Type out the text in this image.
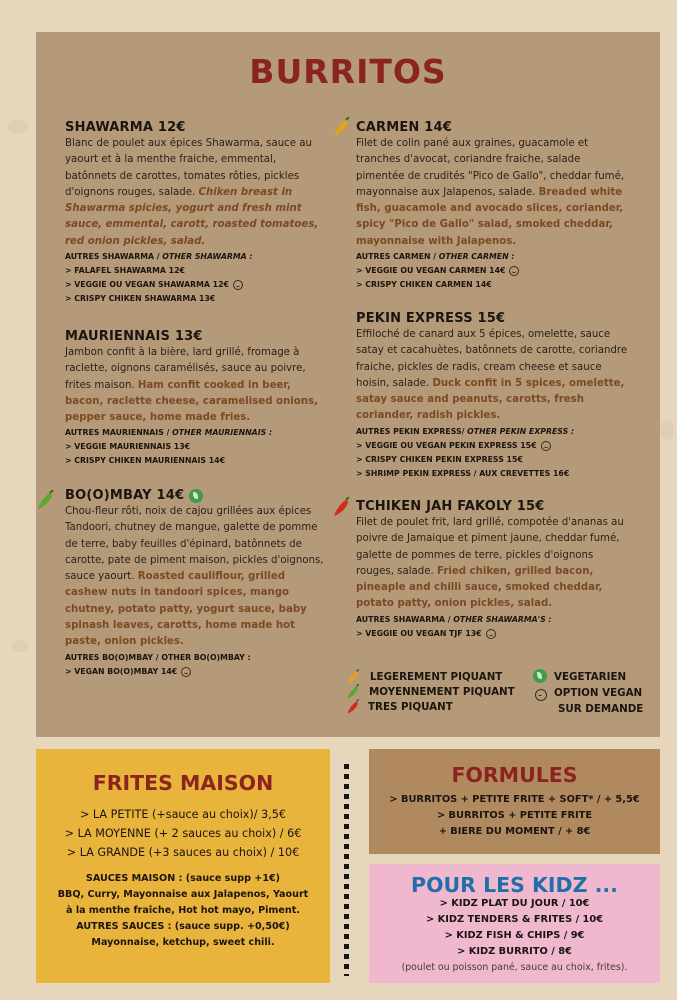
BURRITOS
SHAWARMA 12€
Blanc de poulet aux épices Shawarma, sauce au yaourt et à la menthe fraiche, emmental, batônnets de carottes, tomates rôties, pickles d'oignons rouges, salade. Chiken breast in Shawarma spicies, yogurt and fresh mint sauce, emmental, carott, roasted tomatoes, red onion pickles, salad.
AUTRES SHAWARMA / OTHER SHAWARMA :
> FALAFEL SHAWARMA 12€
> VEGGIE OU VEGAN SHAWARMA 12€
> CRISPY CHIKEN SHAWARMA 13€
MAURIENNAIS 13€
Jambon confit à la bière, lard grillé, fromage à raclette, oignons caramélisés, sauce au poivre, frites maison. Ham confit cooked in beer, bacon, raclette cheese, caramelised onions, pepper sauce, home made fries.
AUTRES MAURIENNAIS / OTHER MAURIENNAIS :
> VEGGIE MAURIENNAIS 13€
> CRISPY CHIKEN MAURIENNAIS 14€
BO(O)MBAY 14€
Chou-fleur rôti, noix de cajou grillées aux épices Tandoori, chutney de mangue, galette de pomme de terre, baby feuilles d'épinard, batônnets de carotte, pate de piment maison, pickles d'oignons, sauce yaourt. Roasted cauliflour, grilled cashew nuts in tandoori spices, mango chutney, potato patty, yogurt sauce, baby spinash leaves, carotts, home made hot paste, onion pickles.
AUTRES BO(O)MBAY / OTHER BO(O)MBAY :
> VEGAN BO(O)MBAY 14€
CARMEN 14€
Filet de colin pané aux graines, guacamole et tranches d'avocat, coriandre fraiche, salade pimentée de crudités "Pico de Gallo", cheddar fumé, mayonnaise aux Jalapenos, salade. Breaded white fish, guacamole and avocado slices, coriander, spicy "Pico de Gallo" salad, smoked cheddar, mayonnaise with Jalapenos.
AUTRES CARMEN / OTHER CARMEN :
> VEGGIE OU VEGAN CARMEN 14€
> CRISPY CHIKEN CARMEN 14€
PEKIN EXPRESS 15€
Effiloché de canard aux 5 épices, omelette, sauce satay et cacahuètes, batônnets de carotte, coriandre fraiche, pickles de radis, cream cheese et sauce hoisin, salade. Duck confit in 5 spices, omelette, satay sauce and peanuts, carotts, fresh coriander, radish pickles.
AUTRES PEKIN EXPRESS/ OTHER PEKIN EXPRESS :
> VEGGIE OU VEGAN PEKIN EXPRESS 15€
> CRISPY CHIKEN PEKIN EXPRESS 15€
> SHRIMP PEKIN EXPRESS / AUX CREVETTES 16€
TCHIKEN JAH FAKOLY 15€
Filet de poulet frit, lard grillé, compotée d'ananas au poivre de Jamaique et piment jaune, cheddar fumé, galette de pommes de terre, pickles d'oignons rouges, salade. Fried chiken, grilled bacon, pineaple and chilli sauce, smoked cheddar, potato patty, onion pickles, salad.
AUTRES SHAWARMA / OTHER SHAWARMA'S :
> VEGGIE OU VEGAN TJF 13€
LEGEREMENT PIQUANT
MOYENNEMENT PIQUANT
TRES PIQUANT
VEGETARIEN
OPTION VEGAN
SUR DEMANDE
FRITES MAISON
> LA PETITE (+sauce au choix)/ 3,5€
> LA MOYENNE (+ 2 sauces au choix) / 6€
> LA GRANDE (+3 sauces au choix) / 10€
SAUCES MAISON : (sauce supp +1€)
BBQ, Curry, Mayonnaise aux Jalapenos, Yaourt
à la menthe fraîche, Hot hot mayo, Piment.
AUTRES SAUCES : (sauce supp. +0,50€)
Mayonnaise, ketchup, sweet chili.
FORMULES
> BURRITOS + PETITE FRITE + SOFT* / + 5,5€
> BURRITOS + PETITE FRITE
+ BIERE DU MOMENT / + 8€
POUR LES KIDZ ...
> KIDZ PLAT DU JOUR / 10€
> KIDZ TENDERS & FRITES / 10€
> KIDZ FISH & CHIPS / 9€
> KIDZ BURRITO / 8€
(poulet ou poisson pané, sauce au choix, frites).
